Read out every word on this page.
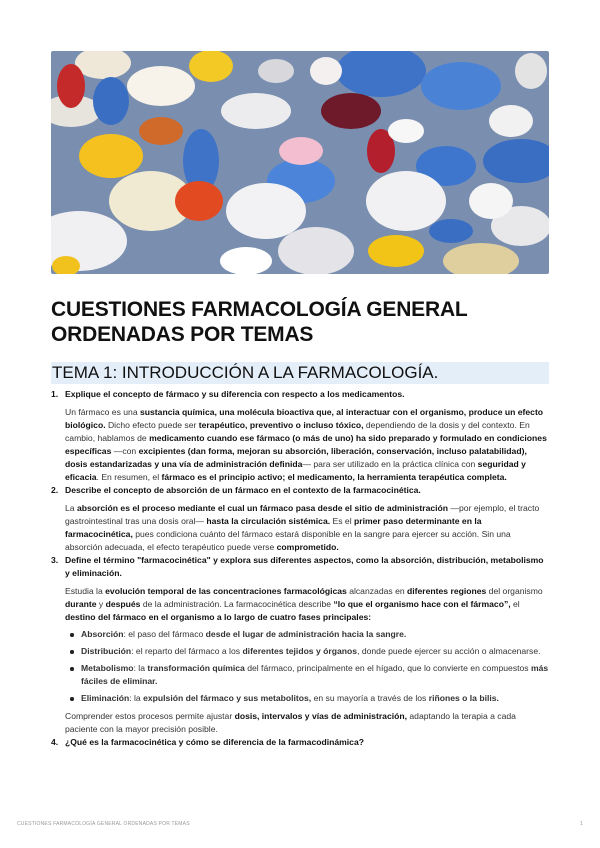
CUESTIONES FARMACOLOGÍA GENERAL ORDENADAS POR TEMAS
TEMA 1: INTRODUCCIÓN A LA FARMACOLOGÍA.
1. Explique el concepto de fármaco y su diferencia con respecto a los medicamentos.
Un fármaco es una sustancia química, una molécula bioactiva que, al interactuar con el organismo, produce un efecto biológico. Dicho efecto puede ser terapéutico, preventivo o incluso tóxico, dependiendo de la dosis y del contexto. En cambio, hablamos de medicamento cuando ese fármaco (o más de uno) ha sido preparado y formulado en condiciones específicas —con excipientes (dan forma, mejoran su absorción, liberación, conservación, incluso palatabilidad), dosis estandarizadas y una vía de administración definida— para ser utilizado en la práctica clínica con seguridad y eficacia. En resumen, el fármaco es el principio activo; el medicamento, la herramienta terapéutica completa.
2. Describe el concepto de absorción de un fármaco en el contexto de la farmacocinética.
La absorción es el proceso mediante el cual un fármaco pasa desde el sitio de administración —por ejemplo, el tracto gastrointestinal tras una dosis oral— hasta la circulación sistémica. Es el primer paso determinante en la farmacocinética, pues condiciona cuánto del fármaco estará disponible en la sangre para ejercer su acción. Sin una absorción adecuada, el efecto terapéutico puede verse comprometido.
3. Define el término "farmacocinética" y explora sus diferentes aspectos, como la absorción, distribución, metabolismo y eliminación.
Estudia la evolución temporal de las concentraciones farmacológicas alcanzadas en diferentes regiones del organismo durante y después de la administración. La farmacocinética describe “lo que el organismo hace con el fármaco”, el destino del fármaco en el organismo a lo largo de cuatro fases principales:
Absorción: el paso del fármaco desde el lugar de administración hacia la sangre.
Distribución: el reparto del fármaco a los diferentes tejidos y órganos, donde puede ejercer su acción o almacenarse.
Metabolismo: la transformación química del fármaco, principalmente en el hígado, que lo convierte en compuestos más fáciles de eliminar.
Eliminación: la expulsión del fármaco y sus metabolitos, en su mayoría a través de los riñones o la bilis.
Comprender estos procesos permite ajustar dosis, intervalos y vías de administración, adaptando la terapia a cada paciente con la mayor precisión posible.
4. ¿Qué es la farmacocinética y cómo se diferencia de la farmacodinámica?
CUESTIONES FARMACOLOGÍA GENERAL ORDENADAS POR TEMAS	1
